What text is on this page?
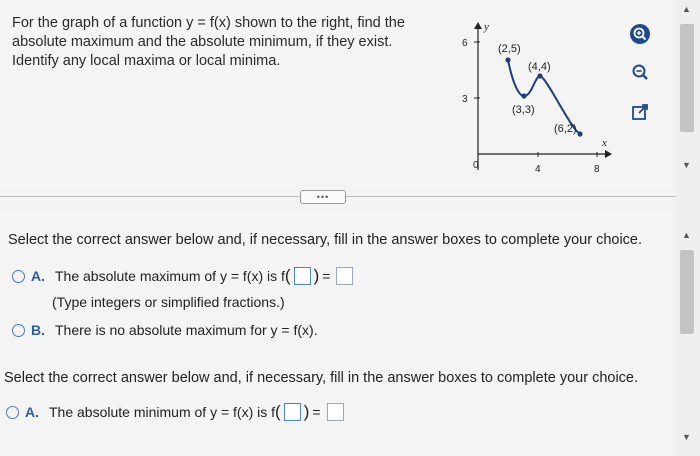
For the graph of a function y = f(x) shown to the right, find the absolute maximum and the absolute minimum, if they exist. Identify any local maxima or local minima.
6
3
0	4	8
y
x
(2,5)
(4,4)
(3,3)
(6,2)
•••
Select the correct answer below and, if necessary, fill in the answer boxes to complete your choice.
A. The absolute maximum of y = f(x) is f ( ) =
(Type integers or simplified fractions.)
B. There is no absolute maximum for y = f(x).
Select the correct answer below and, if necessary, fill in the answer boxes to complete your choice.
A. The absolute minimum of y = f(x) is f ( ) =
▲
▼
▲
▼
